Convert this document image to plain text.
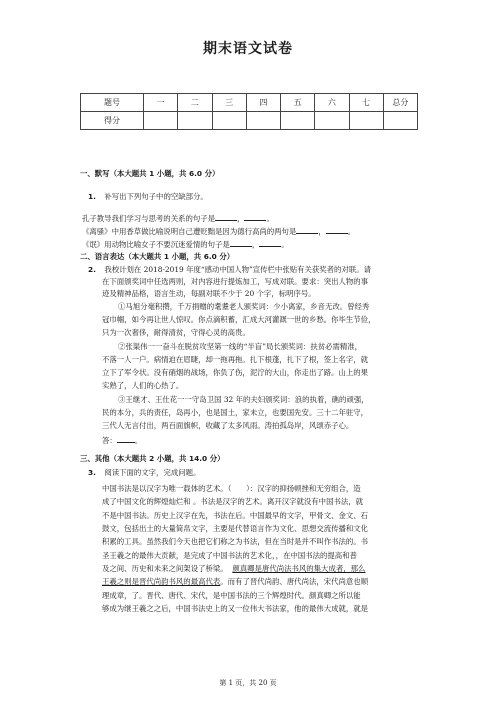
期末语文试卷
题号	一	二	三	四	五	六	七	总分
得分								
一、默写（本大题共 1 小题，共 6.0 分）
1. 补写出下列句子中的空缺部分。
孔子教导我们学习与思考的关系的句子是	，	。
《离骚》中用香草做比喻说明自己遭贬黜是因为德行高尚的两句是	，	。
《氓》用动物比喻女子不要沉迷爱情的句子是	，	。
二、语言表达（本大题共 1 小题，共 6.0 分）
2. 我校计划在 2018-2019 年度“感动中国人物”宣传栏中张贴有关获奖者的对联。请
在下面颁奖词中任选两则，对内容进行提炼加工，写成对联。要求：突出人物的事
迹及精神品格，语言生动，每副对联不少于 20 个字，标明序号。
①马旭分毫积攒，千万捐赠的耄耋老人颁奖词：少小离家，乡音无改。曾经秀
冠巾帼，如今再让世人惊叹。你点滴积蓄，汇成大河灌溉一世的乡愁。你毕生节俭，
只为一次奢侈，耐得清贫，守得心灵的高贵。
②张渠伟一一奋斗在脱贫攻坚第一线的“半盲”局长颁奖词：扶贫必需精准，
不落一人一户。病情迫在眉睫，却一拖再拖。扎下根蓬，扎下了根，签上名字，就
立下了军令状。没有硝烟的战场，你负了伤，泥泞的大山，你走出了路。山上的果
实熟了，人们的心热了。
③王继才、王仕花一一守岛卫国 32 年的夫妇颁奖词：浪的执着，礁的顽强，
民的本分，兵的责任，岛再小，也是国土，家未立，也要国先安。三十二年驻守，
三代人无言付出，两百面旗帜，收藏了太多风雨。涛拍孤岛岸，风颂赤子心。
答： 。
三、其他（本大题共 2 小题，共 14.0 分）
3. 阅读下面的文字，完成问题。
中国书法是以汉字为唯一载体的艺术。（　　）：汉字的抑扬顿挫和无穷组合，造
成了中国文化的辉煌灿烂和 。书法是汉字的艺术。离开汉字就没有中国书法，就
不是中国书法。历史上汉字在先，书法在后。中国最早的文字，甲骨文、金文、石
鼓文，包括出土的大量简帛文字，主要是代替语言作为文化、思想交流传播和文化
积累的工具。虽然我们今天也把它们称之为书法，但在当时是并不叫作书法的。书
圣王羲之的最伟大贡献，是完成了中国书法的艺术化，，在中国书法的提高和普
及之间、历史和未来之间架设了桥梁。 颜真卿是唐代尚法书风的集大成者，那么
王羲之则是晋代尚韵书风的最高代表。而有了晋代尚韵、唐代尚法，宋代尚意也顺
理成章，了。晋代、唐代、宋代，是中国书法的三个辉煌时代。颜真卿之所以能
够成为继王羲之之后，中国书法史上的又一位伟大书法家，他的最伟大成就，就是
第 1 页，共 20 页
